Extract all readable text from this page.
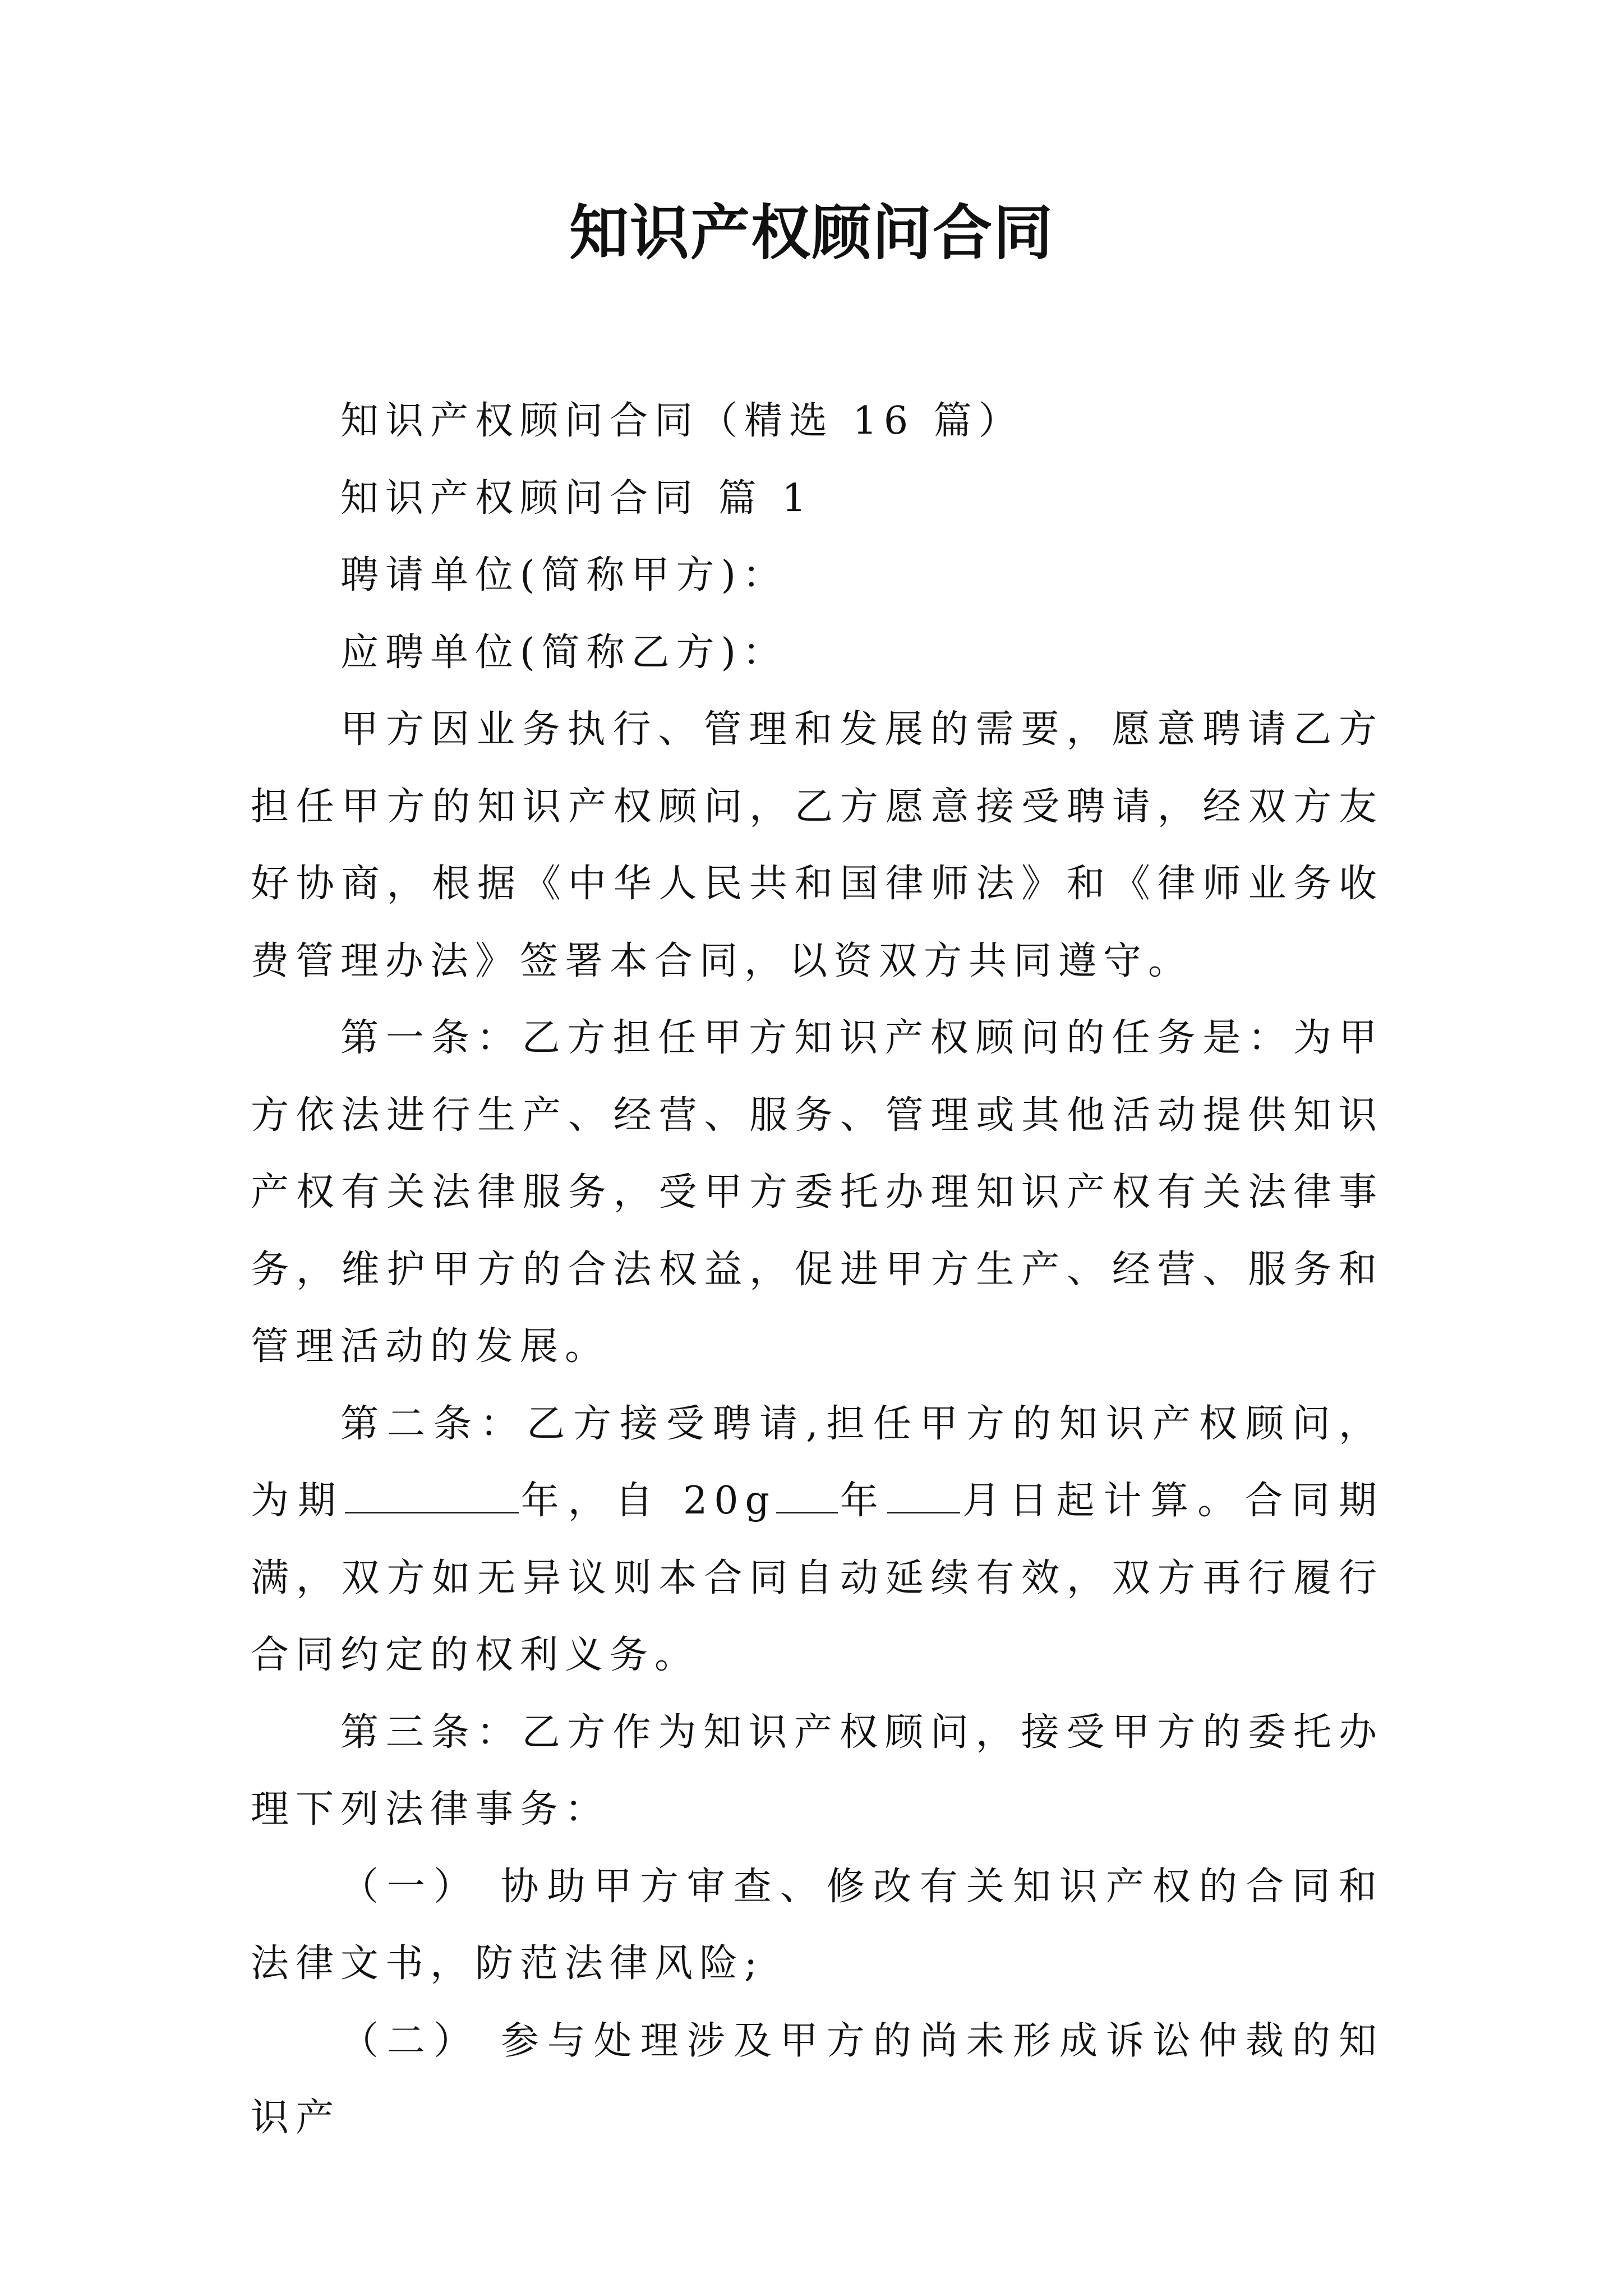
知识产权顾问合同

知识产权顾问合同（精选 16 篇）

知识产权顾问合同 篇 1

聘请单位(简称甲方)：

应聘单位(简称乙方)：

甲方因业务执行、管理和发展的需要，愿意聘请乙方担任甲方的知识产权顾问，乙方愿意接受聘请，经双方友好协商，根据《中华人民共和国律师法》和《律师业务收费管理办法》签署本合同，以资双方共同遵守。

第一条：乙方担任甲方知识产权顾问的任务是：为甲方依法进行生产、经营、服务、管理或其他活动提供知识产权有关法律服务，受甲方委托办理知识产权有关法律事务，维护甲方的合法权益，促进甲方生产、经营、服务和管理活动的发展。

第二条：乙方接受聘请,担任甲方的知识产权顾问，为期	年，自 20g 年 月日起计算。合同期满，双方如无异议则本合同自动延续有效，双方再行履行合同约定的权利义务。

第三条：乙方作为知识产权顾问，接受甲方的委托办理下列法律事务：

（一） 协助甲方审查、修改有关知识产权的合同和法律文书，防范法律风险;

（二） 参与处理涉及甲方的尚未形成诉讼仲裁的知识产
